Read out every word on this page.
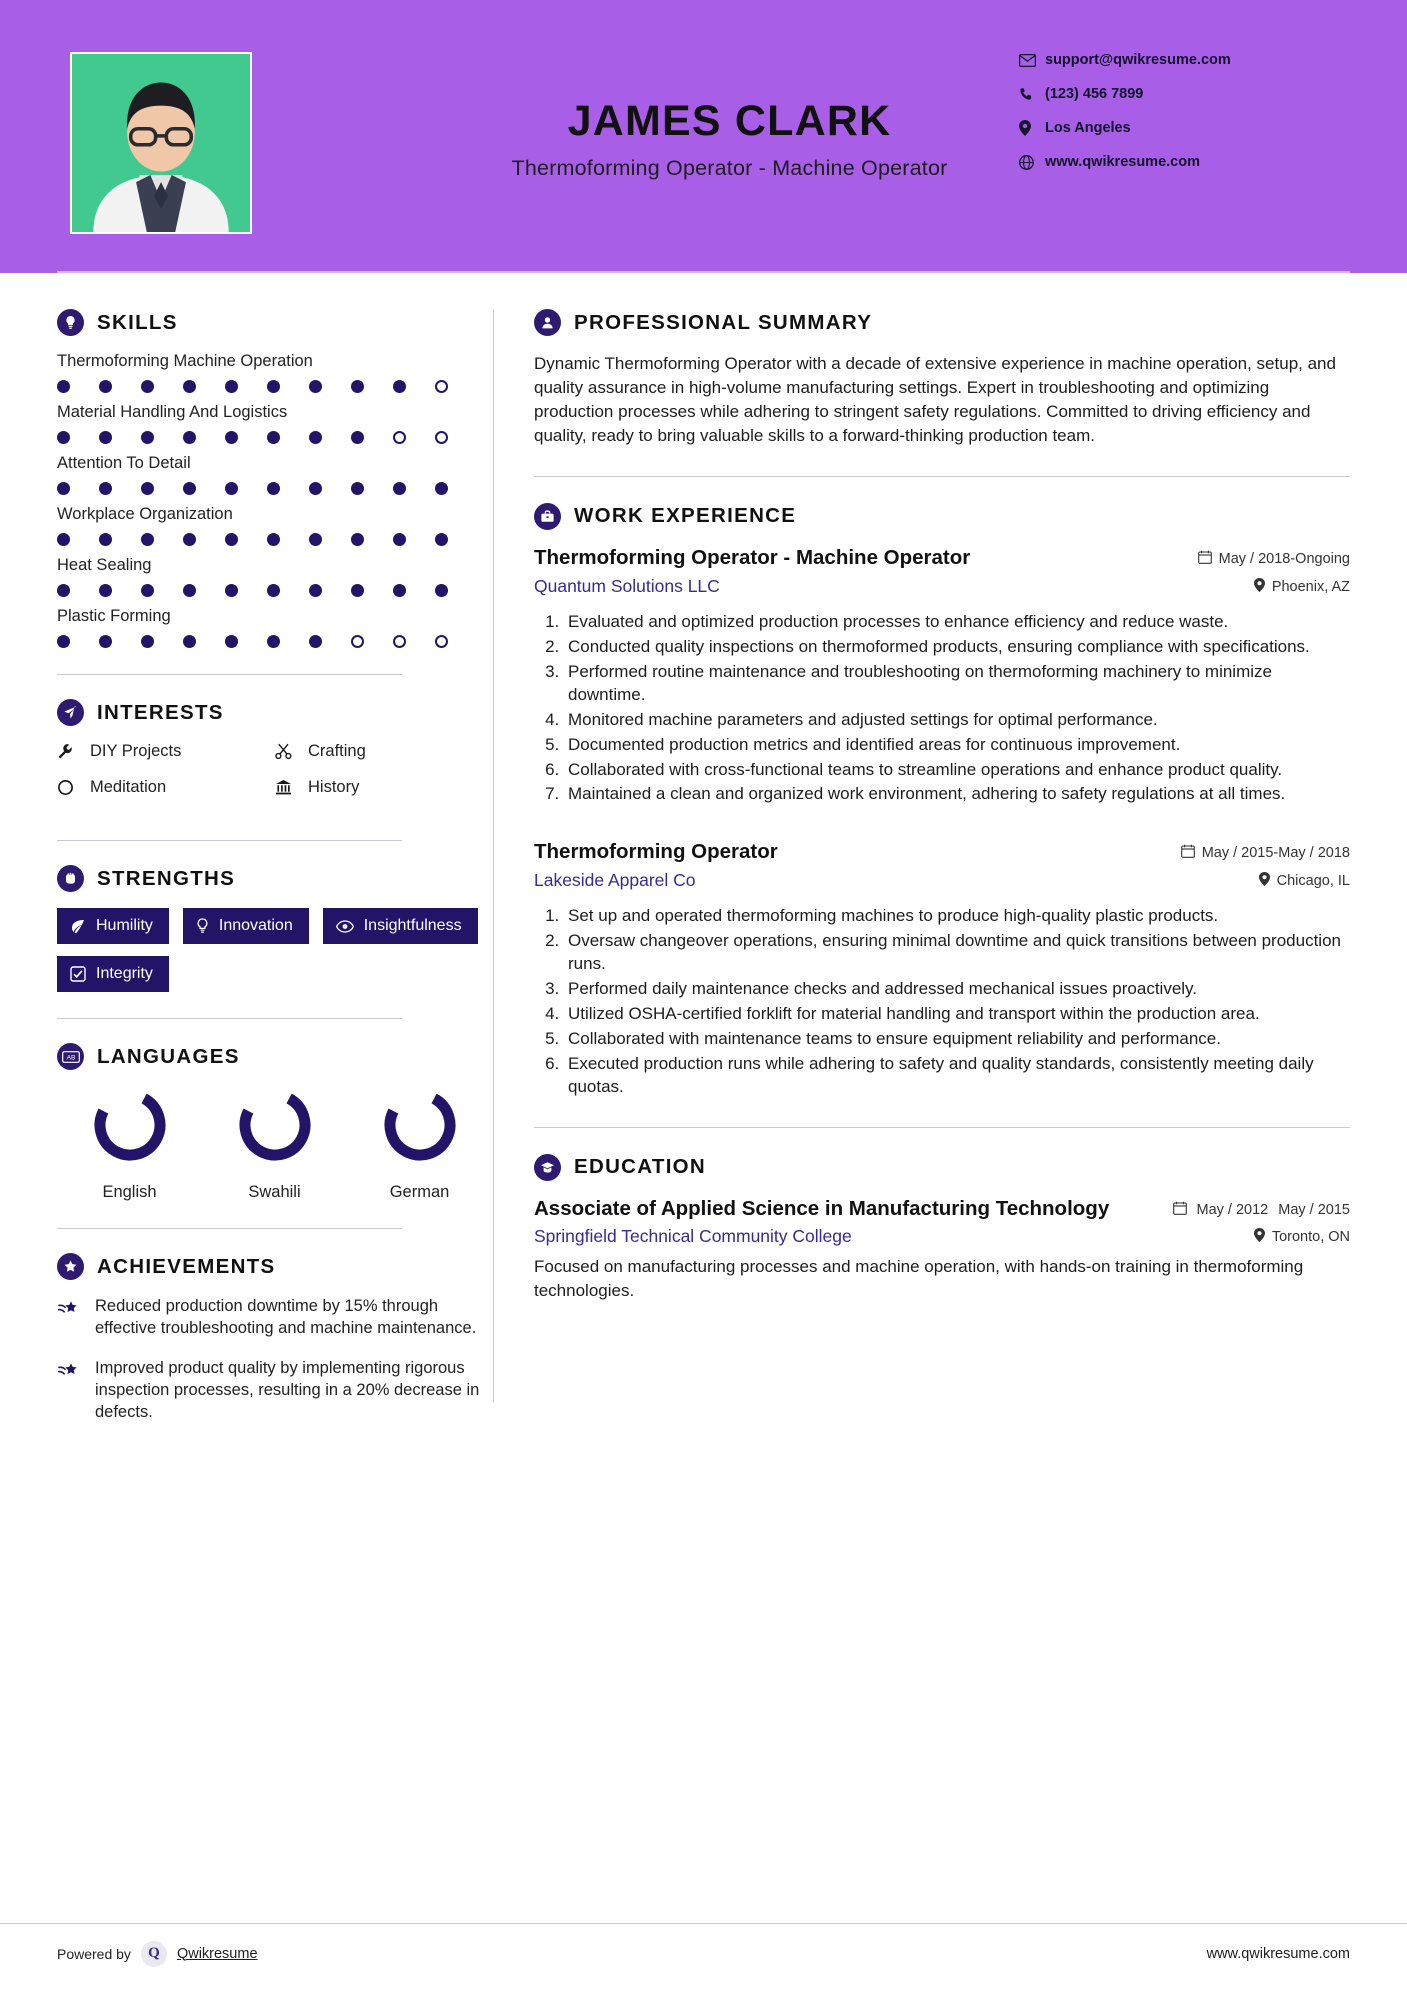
JAMES CLARK
Thermoforming Operator - Machine Operator
support@qwikresume.com
(123) 456 7899
Los Angeles
www.qwikresume.com
SKILLS
Thermoforming Machine Operation
Material Handling And Logistics
Attention To Detail
Workplace Organization
Heat Sealing
Plastic Forming
INTERESTS
DIY Projects	Crafting
Meditation	History
STRENGTHS
Humility	Innovation	Insightfulness
Integrity
AB LANGUAGES
English	Swahili	German
ACHIEVEMENTS
Reduced production downtime by 15% through effective troubleshooting and machine maintenance.
Improved product quality by implementing rigorous inspection processes, resulting in a 20% decrease in defects.
PROFESSIONAL SUMMARY
Dynamic Thermoforming Operator with a decade of extensive experience in machine operation, setup, and quality assurance in high-volume manufacturing settings. Expert in troubleshooting and optimizing production processes while adhering to stringent safety regulations. Committed to driving efficiency and quality, ready to bring valuable skills to a forward-thinking production team.
WORK EXPERIENCE
Thermoforming Operator - Machine Operator	May / 2018-Ongoing
Quantum Solutions LLC	Phoenix, AZ
1. Evaluated and optimized production processes to enhance efficiency and reduce waste.
2. Conducted quality inspections on thermoformed products, ensuring compliance with specifications.
3. Performed routine maintenance and troubleshooting on thermoforming machinery to minimize downtime.
4. Monitored machine parameters and adjusted settings for optimal performance.
5. Documented production metrics and identified areas for continuous improvement.
6. Collaborated with cross-functional teams to streamline operations and enhance product quality.
7. Maintained a clean and organized work environment, adhering to safety regulations at all times.
Thermoforming Operator	May / 2015-May / 2018
Lakeside Apparel Co	Chicago, IL
1. Set up and operated thermoforming machines to produce high-quality plastic products.
2. Oversaw changeover operations, ensuring minimal downtime and quick transitions between production runs.
3. Performed daily maintenance checks and addressed mechanical issues proactively.
4. Utilized OSHA-certified forklift for material handling and transport within the production area.
5. Collaborated with maintenance teams to ensure equipment reliability and performance.
6. Executed production runs while adhering to safety and quality standards, consistently meeting daily quotas.
EDUCATION
Associate of Applied Science in Manufacturing Technology	May / 2012 May / 2015
Springfield Technical Community College	Toronto, ON
Focused on manufacturing processes and machine operation, with hands-on training in thermoforming technologies.
Powered by	Q	Qwikresume	www.qwikresume.com
